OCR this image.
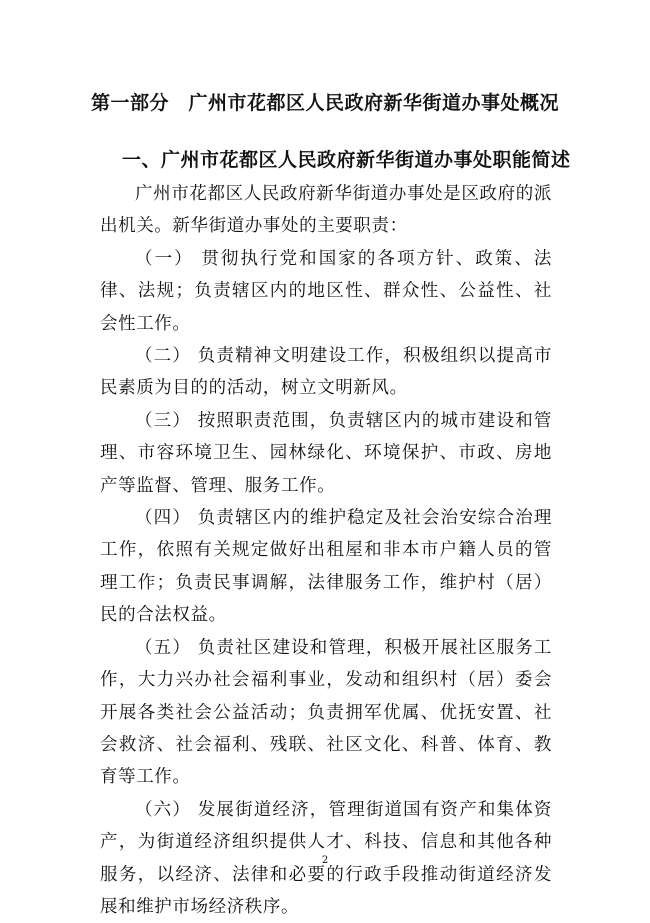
第一部分　广州市花都区人民政府新华街道办事处概况
一、广州市花都区人民政府新华街道办事处职能简述

广州市花都区人民政府新华街道办事处是区政府的派出机关。新华街道办事处的主要职责：

（一） 贯彻执行党和国家的各项方针、政策、法律、法规；负责辖区内的地区性、群众性、公益性、社会性工作。

（二） 负责精神文明建设工作，积极组织以提高市民素质为目的的活动，树立文明新风。

（三） 按照职责范围，负责辖区内的城市建设和管理、市容环境卫生、园林绿化、环境保护、市政、房地产等监督、管理、服务工作。

（四） 负责辖区内的维护稳定及社会治安综合治理工作，依照有关规定做好出租屋和非本市户籍人员的管理工作；负责民事调解，法律服务工作，维护村（居）民的合法权益。

（五） 负责社区建设和管理，积极开展社区服务工作，大力兴办社会福利事业，发动和组织村（居）委会开展各类社会公益活动；负责拥军优属、优抚安置、社会救济、社会福利、残联、社区文化、科普、体育、教育等工作。

（六） 发展街道经济，管理街道国有资产和集体资产，为街道经济组织提供人才、科技、信息和其他各种服务，以经济、法律和必要的行政手段推动街道经济发展和维护市场经济秩序。

2
